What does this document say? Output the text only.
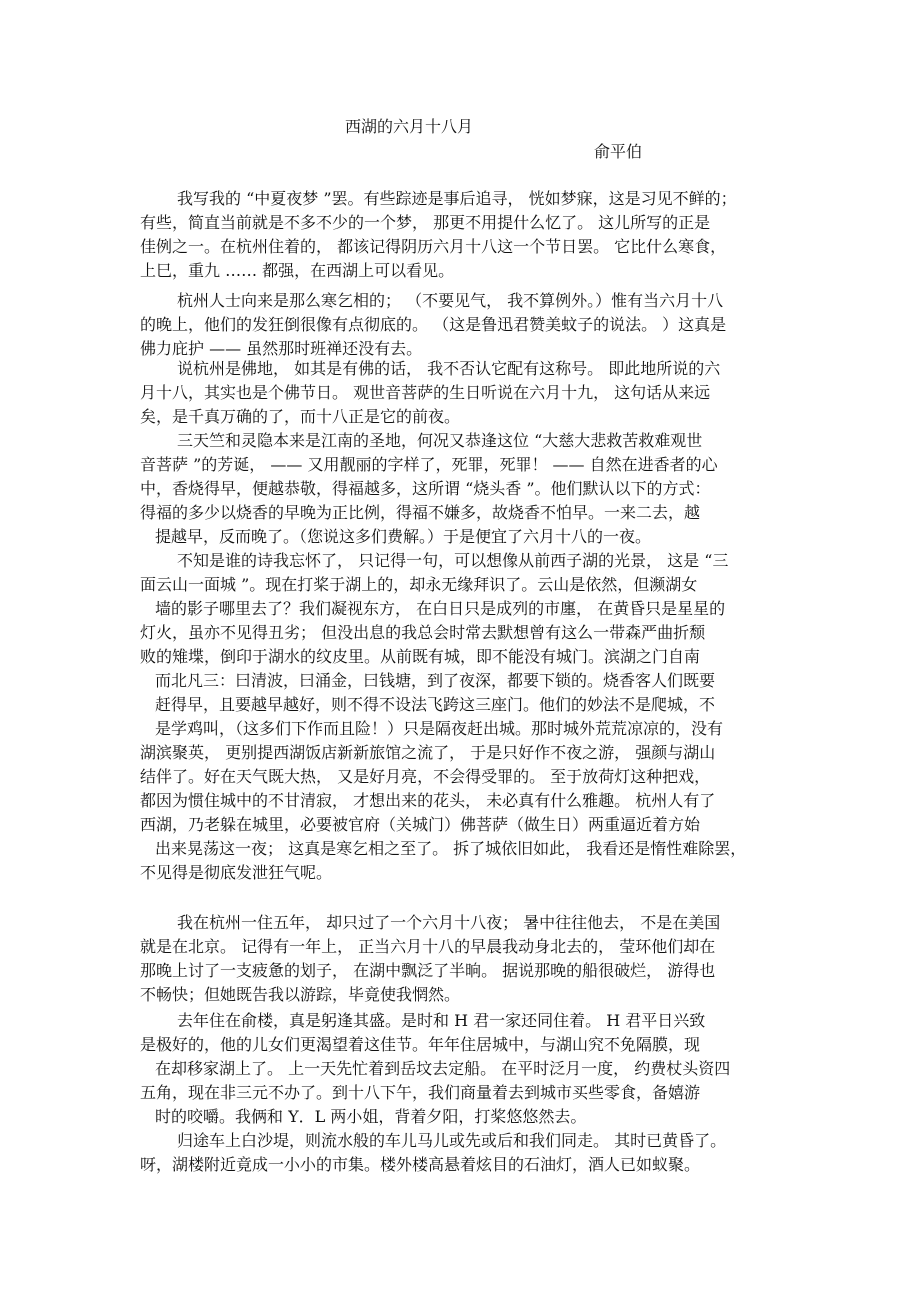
西湖的六月十八月
俞平伯
我写我的 “中夏夜梦 ”罢。有些踪迹是事后追寻， 恍如梦寐，这是习见不鲜的；
有些，简直当前就是不多不少的一个梦， 那更不用提什么忆了。 这儿所写的正是
佳例之一。在杭州住着的， 都该记得阴历六月十八这一个节日罢。 它比什么寒食，
上巳，重九 …… 都强，在西湖上可以看见。
杭州人士向来是那么寒乞相的； （不要见气， 我不算例外。）惟有当六月十八
的晚上，他们的发狂倒很像有点彻底的。 （这是鲁迅君赞美蚊子的说法。 ）这真是
佛力庇护 —— 虽然那时班禅还没有去。
说杭州是佛地， 如其是有佛的话， 我不否认它配有这称号。 即此地所说的六
月十八，其实也是个佛节日。 观世音菩萨的生日听说在六月十九， 这句话从来远
矣，是千真万确的了，而十八正是它的前夜。
三天竺和灵隐本来是江南的圣地，何况又恭逢这位 “大慈大悲救苦救难观世
音菩萨 ”的芳诞， —— 又用靓丽的字样了，死罪，死罪！ —— 自然在进香者的心
中，香烧得早，便越恭敬，得福越多，这所谓 “烧头香 ”。他们默认以下的方式：
得福的多少以烧香的早晚为正比例，得福不嫌多，故烧香不怕早。一来二去，越
提越早，反而晚了。（您说这多们费解。）于是便宜了六月十八的一夜。
不知是谁的诗我忘怀了， 只记得一句，可以想像从前西子湖的光景， 这是 “三
面云山一面城 ”。现在打桨于湖上的，却永无缘拜识了。云山是依然，但濒湖女
墙的影子哪里去了？我们凝视东方， 在白日只是成列的市廛， 在黄昏只是星星的
灯火，虽亦不见得丑劣； 但没出息的我总会时常去默想曾有这么一带森严曲折颓
败的雉堞，倒印于湖水的纹皮里。从前既有城，即不能没有城门。滨湖之门自南
而北凡三：曰清波，曰涌金，曰钱塘，到了夜深，都要下锁的。烧香客人们既要
赶得早，且要越早越好，则不得不设法飞跨这三座门。他们的妙法不是爬城，不
是学鸡叫，（这多们下作而且险！）只是隔夜赶出城。那时城外荒荒凉凉的，没有
湖滨聚英， 更别提西湖饭店新新旅馆之流了， 于是只好作不夜之游， 强颜与湖山
结伴了。好在天气既大热， 又是好月亮，不会得受罪的。 至于放荷灯这种把戏，
都因为惯住城中的不甘清寂， 才想出来的花头， 未必真有什么雅趣。 杭州人有了
西湖，乃老躲在城里，必要被官府（关城门）佛菩萨（做生日）两重逼近着方始
出来晃荡这一夜； 这真是寒乞相之至了。 拆了城依旧如此， 我看还是惰性难除罢，
不见得是彻底发泄狂气呢。
我在杭州一住五年， 却只过了一个六月十八夜； 暑中往往他去， 不是在美国
就是在北京。 记得有一年上， 正当六月十八的早晨我动身北去的， 莹环他们却在
那晚上讨了一支疲惫的划子， 在湖中飘泛了半晌。 据说那晚的船很破烂， 游得也
不畅快；但她既告我以游踪，毕竟使我惘然。
去年住在俞楼，真是躬逢其盛。是时和 H 君一家还同住着。 H 君平日兴致
是极好的，他的儿女们更渴望着这佳节。年年住居城中，与湖山究不免隔膜，现
在却移家湖上了。 上一天先忙着到岳坟去定船。 在平时泛月一度， 约费杖头资四
五角，现在非三元不办了。到十八下午，我们商量着去到城市买些零食，备嬉游
时的咬嚼。我俩和 Y．L 两小姐，背着夕阳，打桨悠悠然去。
归途车上白沙堤，则流水般的车儿马儿或先或后和我们同走。 其时已黄昏了。
呀，湖楼附近竟成一小小的市集。楼外楼高悬着炫目的石油灯，酒人已如蚁聚。
